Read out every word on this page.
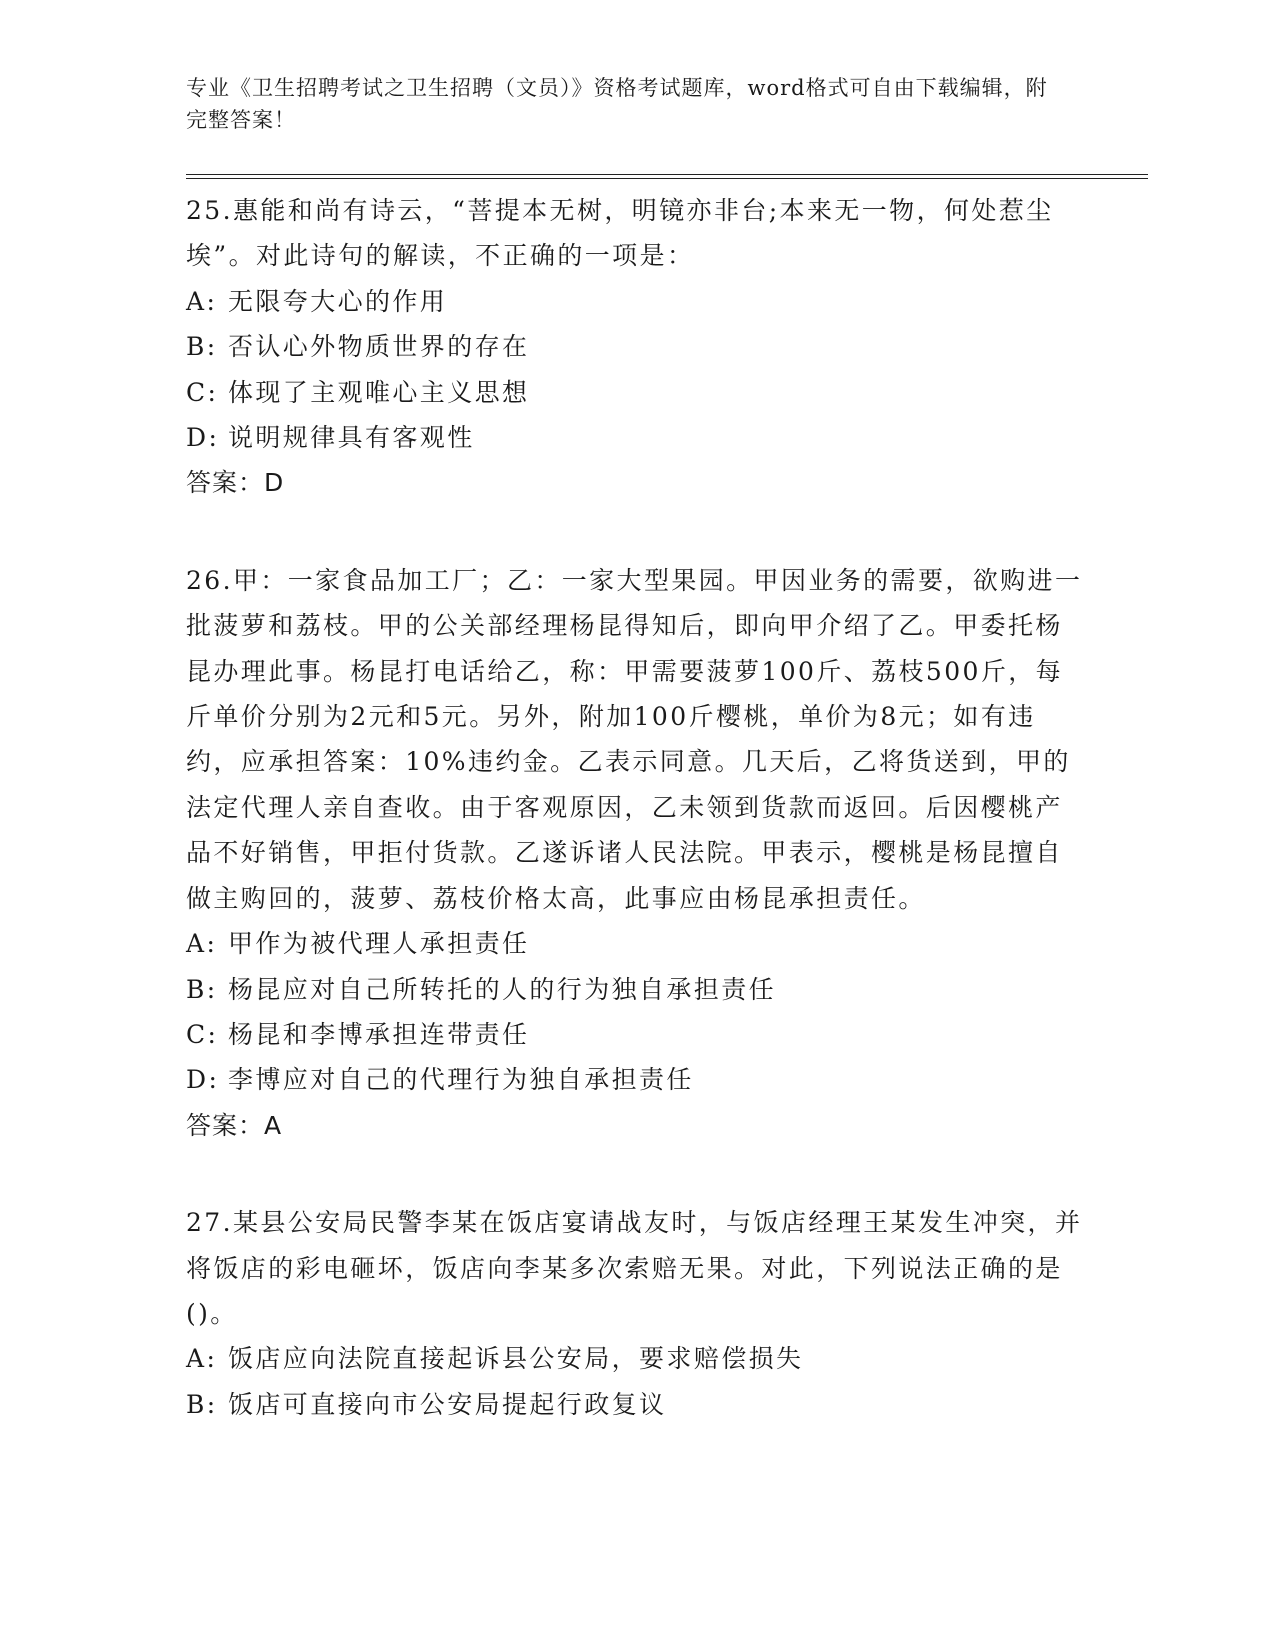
专业《卫生招聘考试之卫生招聘（文员）》资格考试题库，word格式可自由下载编辑，附完整答案！

25.惠能和尚有诗云，“菩提本无树，明镜亦非台;本来无一物，何处惹尘埃”。对此诗句的解读，不正确的一项是：

A: 无限夸大心的作用

B: 否认心外物质世界的存在

C: 体现了主观唯心主义思想

D: 说明规律具有客观性

答案：D

26.甲：一家食品加工厂；乙：一家大型果园。甲因业务的需要，欲购进一批菠萝和荔枝。甲的公关部经理杨昆得知后，即向甲介绍了乙。甲委托杨昆办理此事。杨昆打电话给乙，称：甲需要菠萝100斤、荔枝500斤，每斤单价分别为2元和5元。另外，附加100斤樱桃，单价为8元；如有违约，应承担答案：10%违约金。乙表示同意。几天后，乙将货送到，甲的法定代理人亲自查收。由于客观原因，乙未领到货款而返回。后因樱桃产品不好销售，甲拒付货款。乙遂诉诸人民法院。甲表示，樱桃是杨昆擅自做主购回的，菠萝、荔枝价格太高，此事应由杨昆承担责任。

A: 甲作为被代理人承担责任

B: 杨昆应对自己所转托的人的行为独自承担责任

C: 杨昆和李博承担连带责任

D: 李博应对自己的代理行为独自承担责任

答案：A

27.某县公安局民警李某在饭店宴请战友时，与饭店经理王某发生冲突，并将饭店的彩电砸坏，饭店向李某多次索赔无果。对此，下列说法正确的是()。

A: 饭店应向法院直接起诉县公安局，要求赔偿损失

B: 饭店可直接向市公安局提起行政复议
